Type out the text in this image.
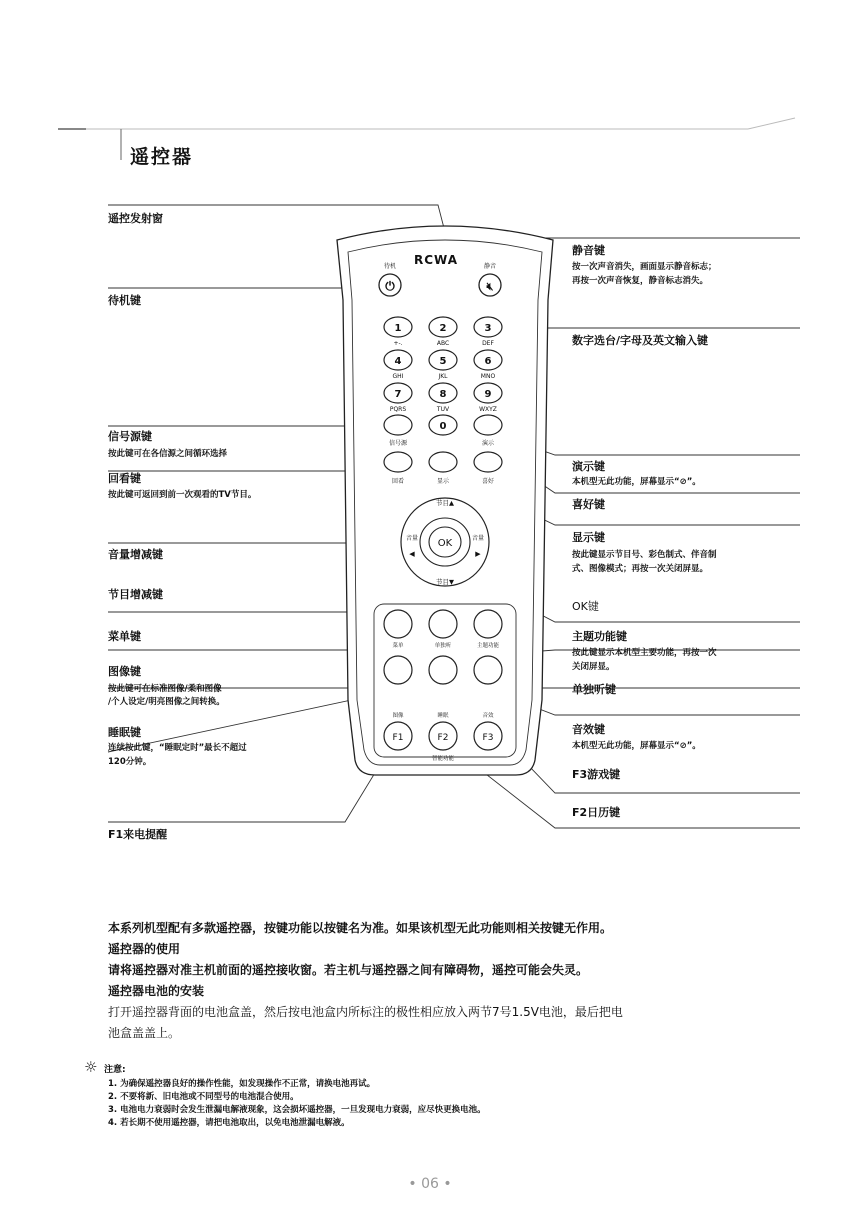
遥控器
⏻	🔇︎
RCWA
待机	静音
1
+-.
2
ABC
3
DEF
4
GHI
5
JKL
6
MNO
7
PQRS
8
TUV
9
WXYZ
0
信号源	演示
回看	显示	喜好
节目▲
节目▼
音量
◀
音量
▶
OK
菜单	单独听	主题功能
图像	睡眠	音效
F1	F2	F3
智能功能
遥控发射窗
待机键
信号源键
按此键可在各信源之间循环选择
回看键
按此键可返回到前一次观看的TV节目。
音量增减键
节目增减键
菜单键
图像键
按此键可在标准图像/柔和图像
/个人设定/明亮图像之间转换。
睡眠键
连续按此键，“睡眠定时”最长不超过
120分钟。
F1来电提醒
静音键
按一次声音消失，画面显示静音标志；
再按一次声音恢复，静音标志消失。
数字选台/字母及英文输入键
演示键
本机型无此功能，屏幕显示“⊘”。
喜好键
显示键
按此键显示节目号、彩色制式、伴音制
式、图像模式；再按一次关闭屏显。
OK键
主题功能键
按此键显示本机型主要功能，再按一次
关闭屏显。
单独听键
音效键
本机型无此功能，屏幕显示“⊘”。
F3游戏键
F2日历键

本系列机型配有多款遥控器，按键功能以按键名为准。如果该机型无此功能则相关按键无作用。

遥控器的使用

请将遥控器对准主机前面的遥控接收窗。若主机与遥控器之间有障碍物，遥控可能会失灵。

遥控器电池的安装

打开遥控器背面的电池盒盖，然后按电池盒内所标注的极性相应放入两节7号1.5V电池，最后把电

池盒盖盖上。

☼ 注意:

1. 为确保遥控器良好的操作性能，如发现操作不正常，请换电池再试。

2. 不要将新、旧电池或不同型号的电池混合使用。

3. 电池电力衰弱时会发生泄漏电解液现象，这会损坏遥控器，一旦发现电力衰弱，应尽快更换电池。

4. 若长期不使用遥控器，请把电池取出，以免电池泄漏电解液。

• 06 •
